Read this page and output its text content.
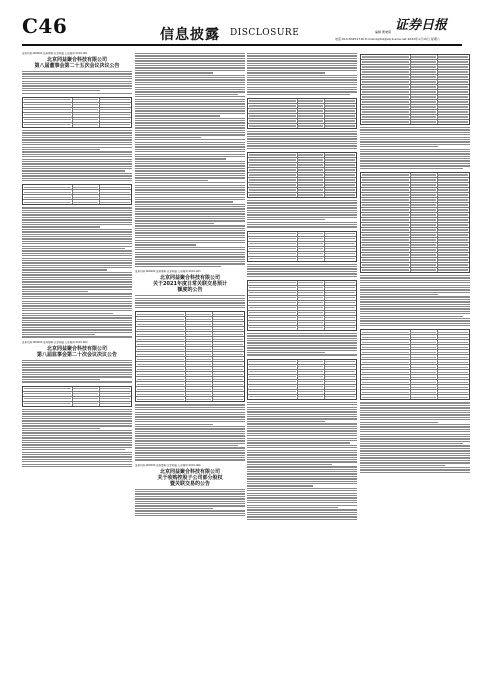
C46	信息披露 DISCLOSURE	证券日报
编辑 曹秉琛
电话:010-83251716 E-mail:zqrb9@zqrb.sina.net 2022年1月15日 星期六
证券代码:000000 证券简称:北京同益 公告编号:2022-001
北京同益聚合科技有限公司
第八届董事会第二十五次会议决议公告
证券代码:000000 证券简称:北京同益 公告编号:2022-002
北京同益聚合科技有限公司
第八届监事会第二十次会议决议公告
证券代码:000000 证券简称:北京同益 公告编号:2022-003
北京同益聚合科技有限公司
关于2021年度日常关联交易预计
额度的公告
证券代码:000000 证券简称:北京同益 公告编号:2022-004
北京同益聚合科技有限公司
关于收购控股子公司部分股权
暨关联交易的公告
